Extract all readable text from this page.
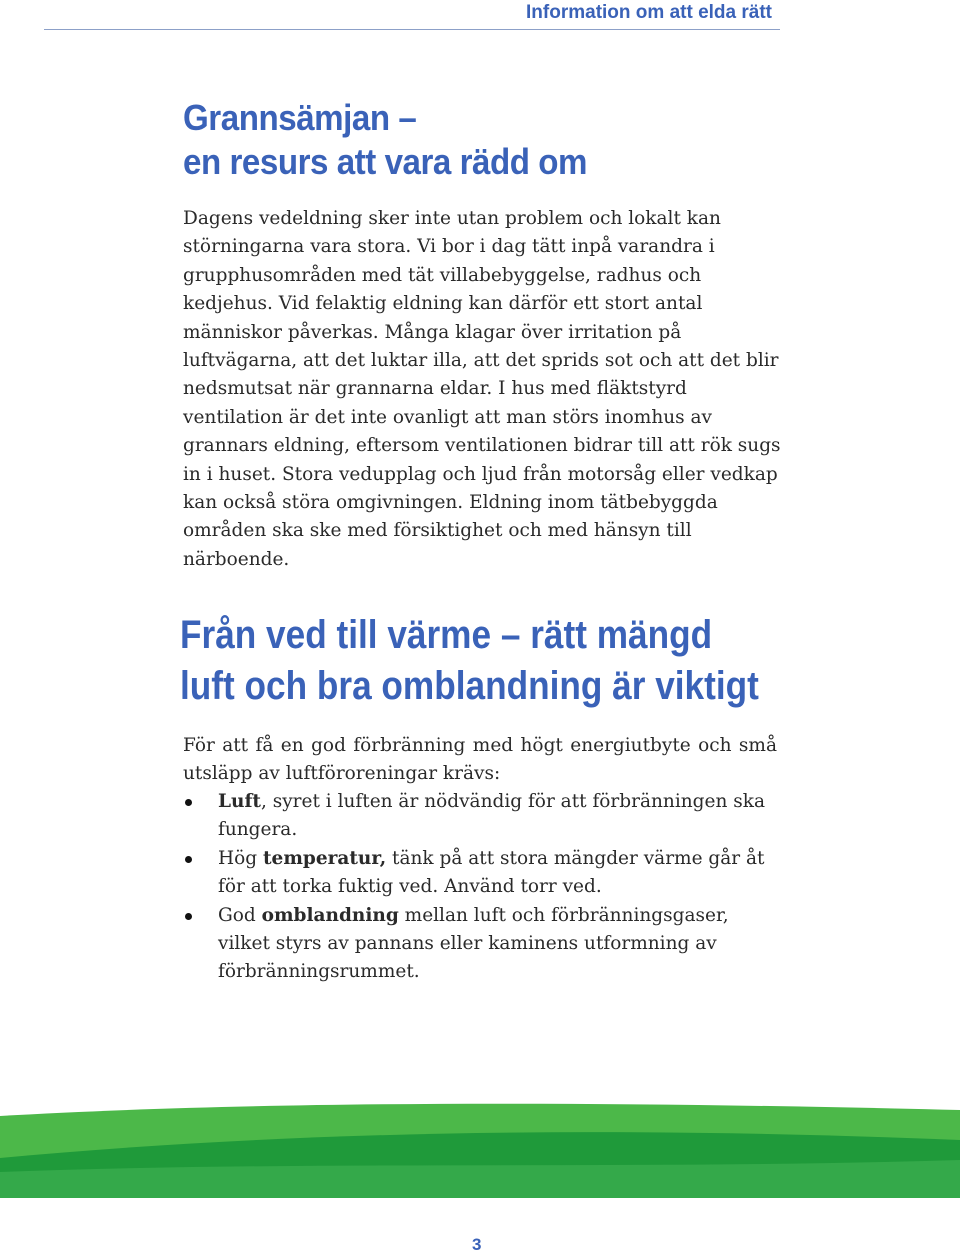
Information om att elda rätt
Grannsämjan –
en resurs att vara rädd om

Dagens vedeldning sker inte utan problem och lokalt kan störningarna vara stora. Vi bor i dag tätt inpå varandra i grupphusområden med tät villabebyggelse, radhus och kedjehus. Vid felaktig eldning kan därför ett stort antal människor påverkas. Många klagar över irritation på luftvägarna, att det luktar illa, att det sprids sot och att det blir nedsmutsat när grannarna eldar. I hus med fläktstyrd ventilation är det inte ovanligt att man störs inomhus av grannars eldning, eftersom ventilationen bidrar till att rök sugs in i huset. Stora vedupplag och ljud från motorsåg eller vedkap kan också störa omgivningen. Eldning inom tätbebyggda områden ska ske med försiktighet och med hänsyn till närboende.

Från ved till värme – rätt mängd
luft och bra omblandning är viktigt

För att få en god förbränning med högt energiutbyte och små utsläpp av luftföroreningar krävs:

Luft, syret i luften är nödvändig för att förbränningen ska fungera.
Hög temperatur, tänk på att stora mängder värme går åt för att torka fuktig ved. Använd torr ved.
God omblandning mellan luft och förbränningsgaser, vilket styrs av pannans eller kaminens utformning av förbränningsrummet.
3
